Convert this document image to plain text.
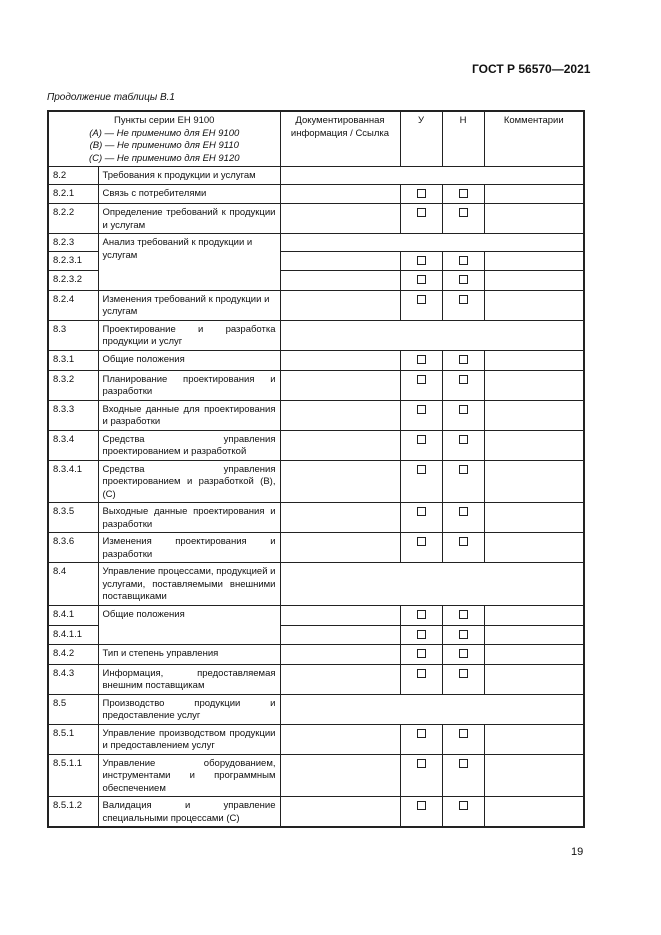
ГОСТ Р 56570—2021
Продолжение таблицы В.1
Пункты серии ЕН 9100
(А) — Не применимо для ЕН 9100
(В) — Не применимо для ЕН 9110
(С) — Не применимо для ЕН 9120		Документированная информация / Ссылка	У	Н	Комментарии
8.2	Требования к продукции и услугам				
8.2.1	Связь с потребителями				
8.2.2	Определение требований к продукции и услугам				
8.2.3	Анализ требований к продукции и услугам				
8.2.3.1					
8.2.3.2					
8.2.4	Изменения требований к продукции и услугам				
8.3	Проектирование и разработка продукции и услуг				
8.3.1	Общие положения				
8.3.2	Планирование проектирования и разработки				
8.3.3	Входные данные для проектирования и разработки				
8.3.4	Средства управления проектированием и разработкой				
8.3.4.1	Средства управления проектированием и разработкой (В), (С)				
8.3.5	Выходные данные проектирования и разработки				
8.3.6	Изменения проектирования и разработки				
8.4	Управление процессами, продукцией и услугами, поставляемыми внешними поставщиками				
8.4.1	Общие положения				
8.4.1.1					
8.4.2	Тип и степень управления				
8.4.3	Информация, предоставляемая внешним поставщикам				
8.5	Производство продукции и предоставление услуг				
8.5.1	Управление производством продукции и предоставлением услуг				
8.5.1.1	Управление оборудованием, инструментами и программным обеспечением				
8.5.1.2	Валидация и управление специальными процессами (С)				
19
